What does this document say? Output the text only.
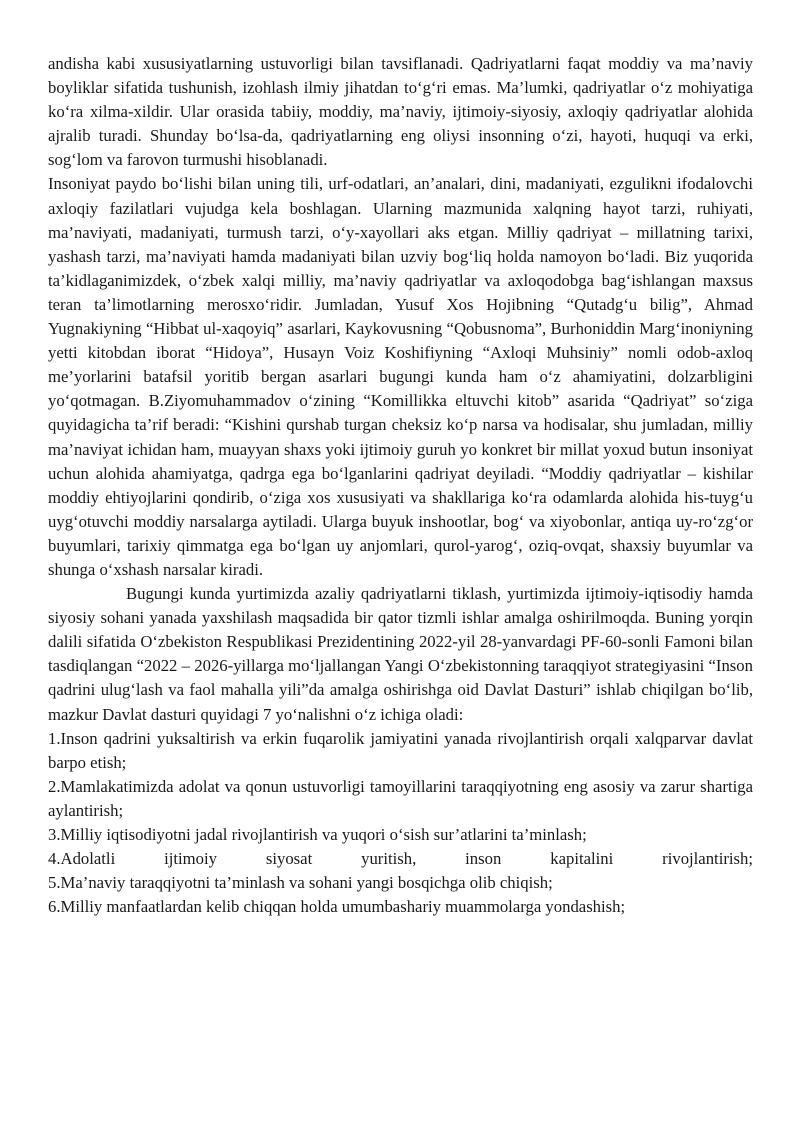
andisha kabi xususiyatlarning ustuvorligi bilan tavsiflanadi. Qadriyatlarni faqat moddiy va ma’naviy boyliklar sifatida tushunish, izohlash ilmiy jihatdan to‘g‘ri emas. Ma’lumki, qadriyatlar o‘z mohiyatiga ko‘ra xilma-xildir. Ular orasida tabiiy, moddiy, ma’naviy, ijtimoiy-siyosiy, axloqiy qadriyatlar alohida ajralib turadi. Shunday bo‘lsa-da, qadriyatlarning eng oliysi insonning o‘zi, hayoti, huquqi va erki, sog‘lom va farovon turmushi hisoblanadi.

Insoniyat paydo bo‘lishi bilan uning tili, urf-odatlari, an’analari, dini, madaniyati, ezgulikni ifodalovchi axloqiy fazilatlari vujudga kela boshlagan. Ularning mazmunida xalqning hayot tarzi, ruhiyati, ma’naviyati, madaniyati, turmush tarzi, o‘y-xayollari aks etgan. Milliy qadriyat – millatning tarixi, yashash tarzi, ma’naviyati hamda madaniyati bilan uzviy bog‘liq holda namoyon bo‘ladi. Biz yuqorida ta’kidlaganimizdek, o‘zbek xalqi milliy, ma’naviy qadriyatlar va axloqodobga bag‘ishlangan maxsus teran ta’limotlarning merosxo‘ridir. Jumladan, Yusuf Xos Hojibning “Qutadg‘u bilig”, Ahmad Yugnakiyning “Hibbat ul-xaqoyiq” asarlari, Kaykovusning “Qobusnoma”, Burhoniddin Marg‘inoniyning yetti kitobdan iborat “Hidoya”, Husayn Voiz Koshifiyning “Axloqi Muhsiniy” nomli odob-axloq me’yorlarini batafsil yoritib bergan asarlari bugungi kunda ham o‘z ahamiyatini, dolzarbligini yo‘qotmagan. B.Ziyomuhammadov o‘zining “Komillikka eltuvchi kitob” asarida “Qadriyat” so‘ziga quyidagicha ta’rif beradi: “Kishini qurshab turgan cheksiz ko‘p narsa va hodisalar, shu jumladan, milliy ma’naviyat ichidan ham, muayyan shaxs yoki ijtimoiy guruh yo konkret bir millat yoxud butun insoniyat uchun alohida ahamiyatga, qadrga ega bo‘lganlarini qadriyat deyiladi. “Moddiy qadriyatlar – kishilar moddiy ehtiyojlarini qondirib, o‘ziga xos xususiyati va shakllariga ko‘ra odamlarda alohida his-tuyg‘u uyg‘otuvchi moddiy narsalarga aytiladi. Ularga buyuk inshootlar, bog‘ va xiyobonlar, antiqa uy-ro‘zg‘or buyumlari, tarixiy qimmatga ega bo‘lgan uy anjomlari, qurol-yarog‘, oziq-ovqat, shaxsiy buyumlar va shunga o‘xshash narsalar kiradi.

Bugungi kunda yurtimizda azaliy qadriyatlarni tiklash, yurtimizda ijtimoiy-iqtisodiy hamda siyosiy sohani yanada yaxshilash maqsadida bir qator tizmli ishlar amalga oshirilmoqda. Buning yorqin dalili sifatida O‘zbekiston Respublikasi Prezidentining 2022-yil 28-yanvardagi PF-60-sonli Famoni bilan tasdiqlangan “2022 – 2026-yillarga mo‘ljallangan Yangi O‘zbekistonning taraqqiyot strategiyasini “Inson qadrini ulug‘lash va faol mahalla yili”da amalga oshirishga oid Davlat Dasturi” ishlab chiqilgan bo‘lib, mazkur Davlat dasturi quyidagi 7 yo‘nalishni o‘z ichiga oladi:

1.Inson qadrini yuksaltirish va erkin fuqarolik jamiyatini yanada rivojlantirish orqali xalqparvar davlat barpo etish;
2.Mamlakatimizda adolat va qonun ustuvorligi tamoyillarini taraqqiyotning eng asosiy va zarur shartiga aylantirish;
3.Milliy iqtisodiyotni jadal rivojlantirish va yuqori o‘sish sur’atlarini ta’minlash;
4.Adolatli ijtimoiy siyosat yuritish, inson kapitalini rivojlantirish;
5.Ma’naviy taraqqiyotni ta’minlash va sohani yangi bosqichga olib chiqish;
6.Milliy manfaatlardan kelib chiqqan holda umumbashariy muammolarga yondashish;
